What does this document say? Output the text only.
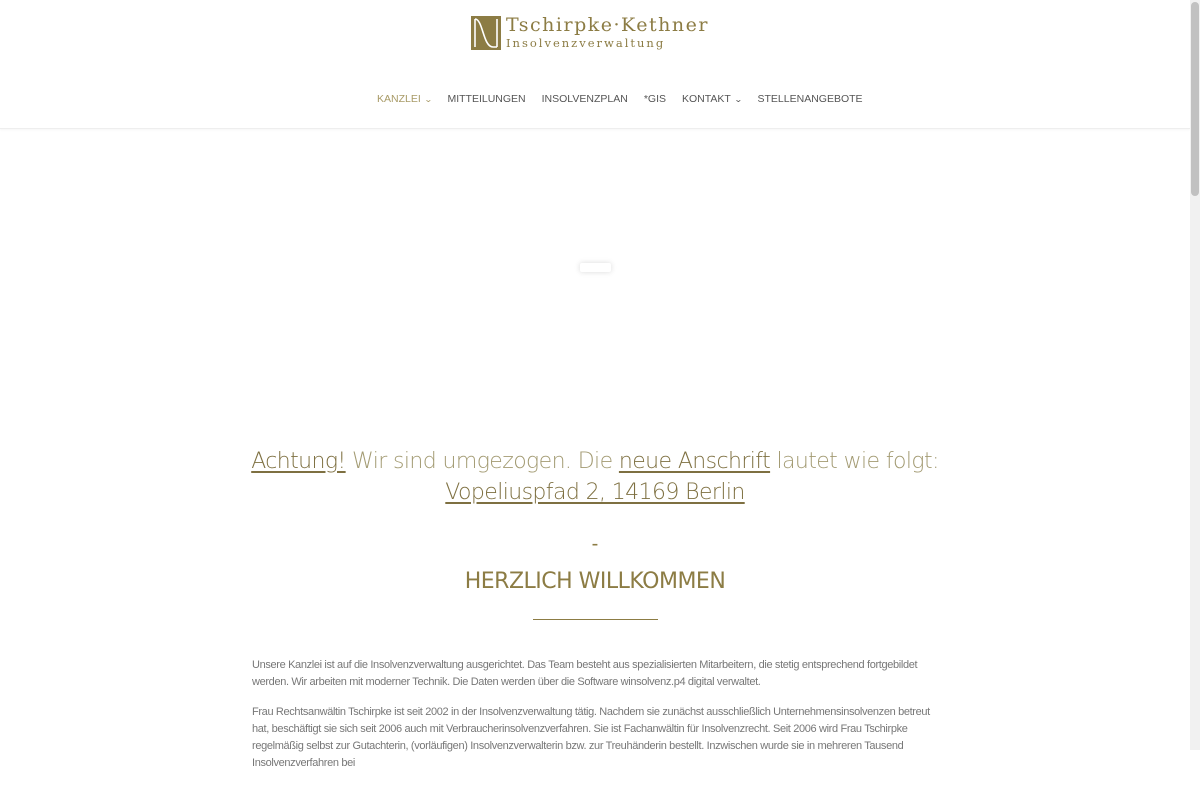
Tschirpke·Kethner
Insolvenzverwaltung
KANZLEI ⌄ MITTEILUNGEN INSOLVENZPLAN *GIS KONTAKT ⌄ STELLENANGEBOTE
Achtung! Wir sind umgezogen. Die neue Anschrift lautet wie folgt:
Vopeliuspfad 2, 14169 Berlin
-
HERZLICH WILLKOMMEN

Unsere Kanzlei ist auf die Insolvenzverwaltung ausgerichtet. Das Team besteht aus spezialisierten Mitarbeitern, die stetig entsprechend fortgebildet werden. Wir arbeiten mit moderner Technik. Die Daten werden über die Software winsolvenz.p4 digital verwaltet.

Frau Rechtsanwältin Tschirpke ist seit 2002 in der Insolvenzverwaltung tätig. Nachdem sie zunächst ausschließlich Unternehmensinsolvenzen betreut hat, beschäftigt sie sich seit 2006 auch mit Verbraucherinsolvenzverfahren. Sie ist Fachanwältin für Insolvenzrecht. Seit 2006 wird Frau Tschirpke regelmäßig selbst zur Gutachterin, (vorläufigen) Insolvenzverwalterin bzw. zur Treuhänderin bestellt. Inzwischen wurde sie in mehreren Tausend Insolvenzverfahren bei
